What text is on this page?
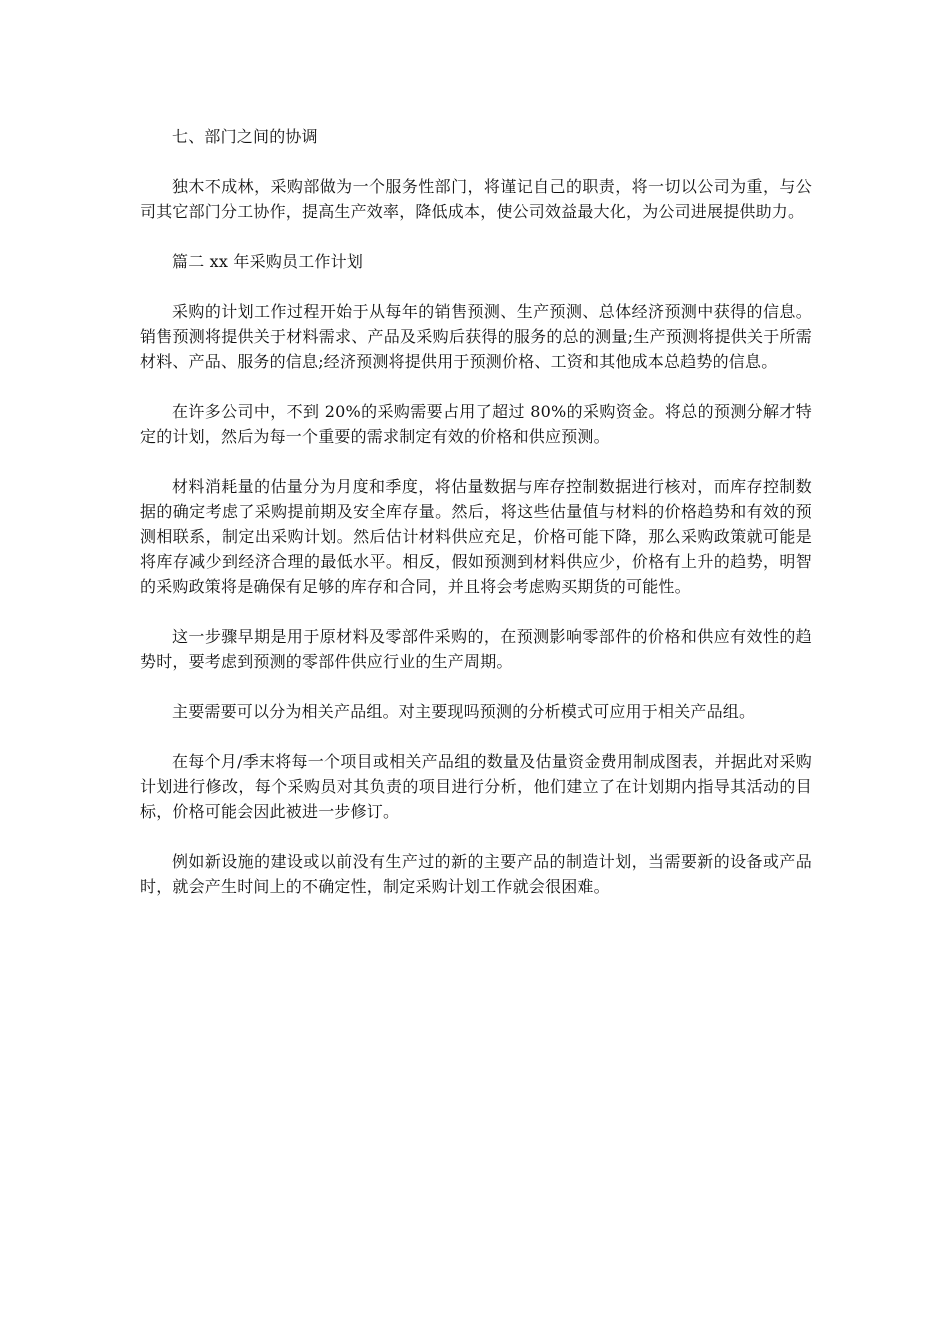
七、部门之间的协调

独木不成林，采购部做为一个服务性部门，将谨记自己的职责，将一切以公司为重，与公司其它部门分工协作，提高生产效率，降低成本，使公司效益最大化，为公司进展提供助力。

篇二 xx 年采购员工作计划

采购的计划工作过程开始于从每年的销售预测、生产预测、总体经济预测中获得的信息。销售预测将提供关于材料需求、产品及采购后获得的服务的总的测量;生产预测将提供关于所需材料、产品、服务的信息;经济预测将提供用于预测价格、工资和其他成本总趋势的信息。

在许多公司中，不到 20%的采购需要占用了超过 80%的采购资金。将总的预测分解才特定的计划，然后为每一个重要的需求制定有效的价格和供应预测。

材料消耗量的估量分为月度和季度，将估量数据与库存控制数据进行核对，而库存控制数据的确定考虑了采购提前期及安全库存量。然后，将这些估量值与材料的价格趋势和有效的预测相联系，制定出采购计划。然后估计材料供应充足，价格可能下降，那么采购政策就可能是将库存减少到经济合理的最低水平。相反，假如预测到材料供应少，价格有上升的趋势，明智的采购政策将是确保有足够的库存和合同，并且将会考虑购买期货的可能性。

这一步骤早期是用于原材料及零部件采购的，在预测影响零部件的价格和供应有效性的趋势时，要考虑到预测的零部件供应行业的生产周期。

主要需要可以分为相关产品组。对主要现吗预测的分析模式可应用于相关产品组。

在每个月/季末将每一个项目或相关产品组的数量及估量资金费用制成图表，并据此对采购计划进行修改，每个采购员对其负责的项目进行分析，他们建立了在计划期内指导其活动的目标，价格可能会因此被进一步修订。

例如新设施的建设或以前没有生产过的新的主要产品的制造计划，当需要新的设备或产品时，就会产生时间上的不确定性，制定采购计划工作就会很困难。
